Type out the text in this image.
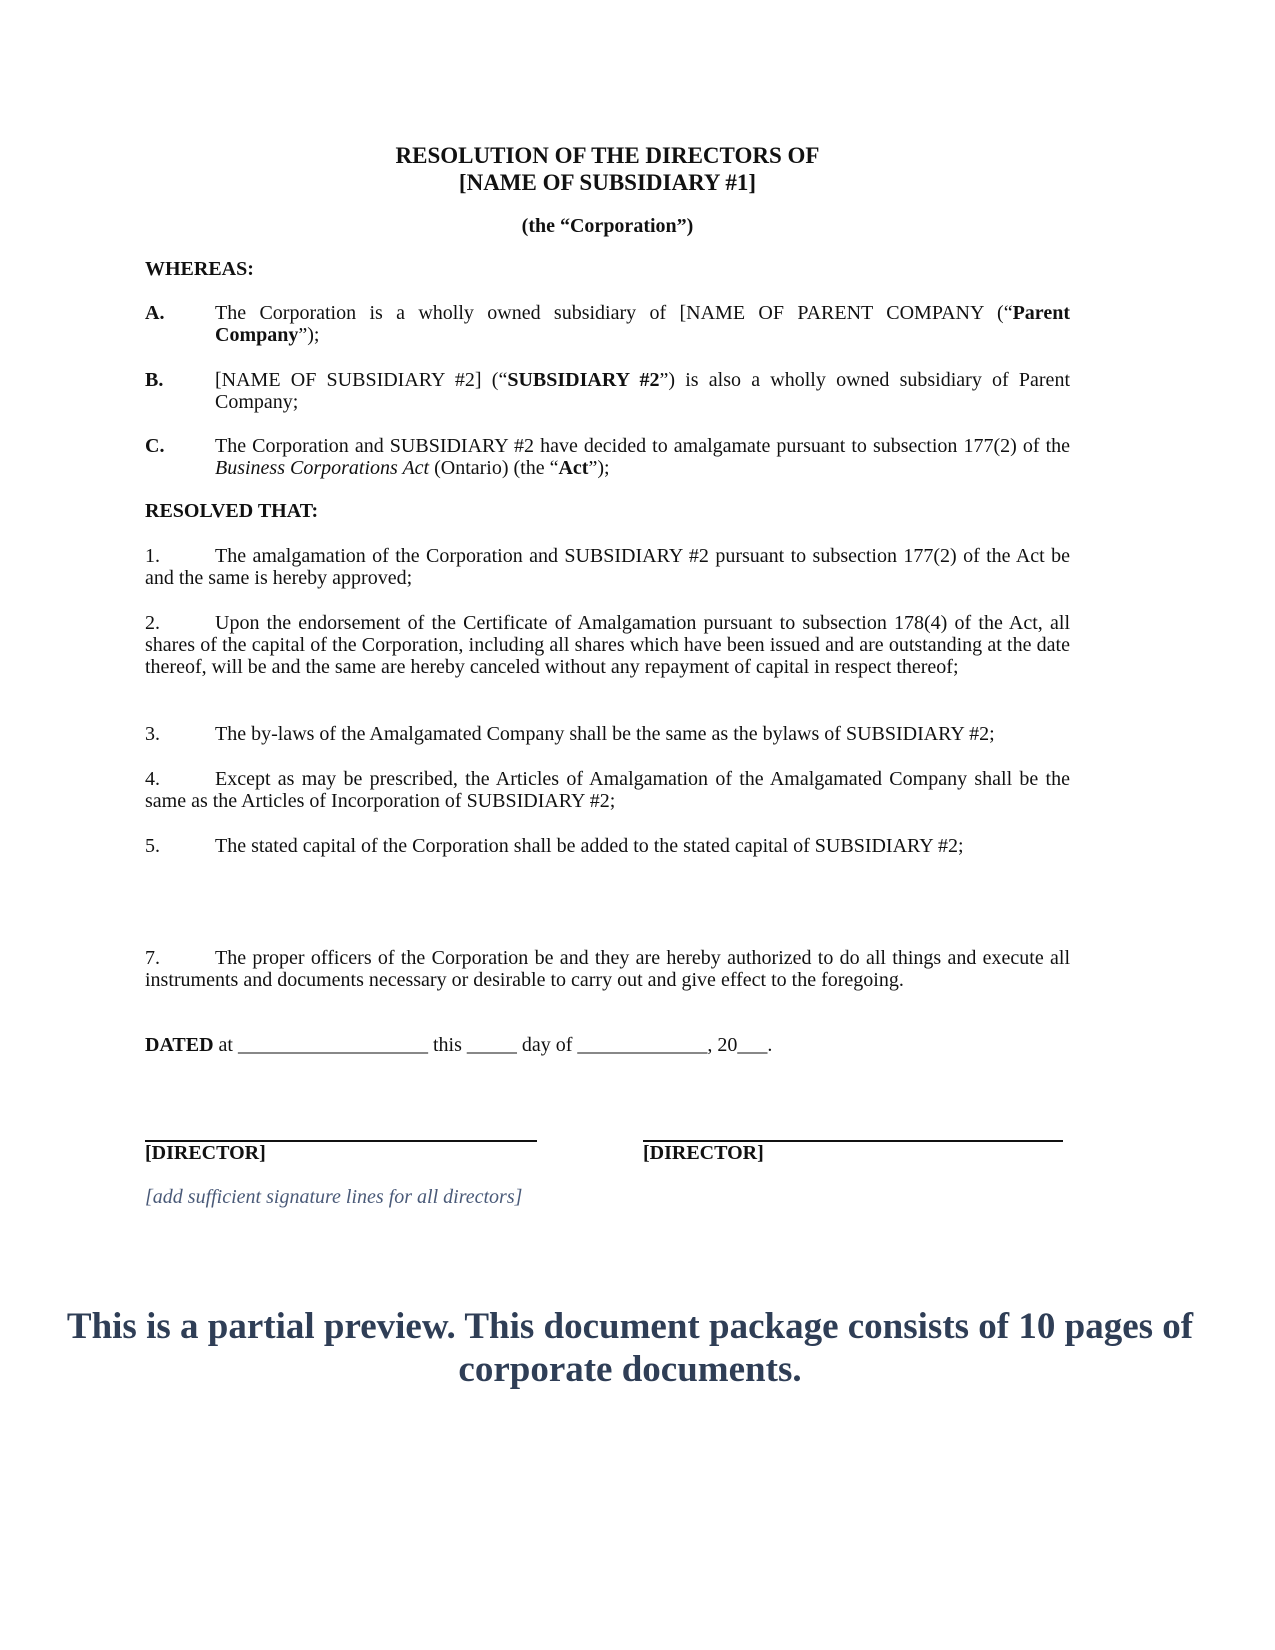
RESOLUTION OF THE DIRECTORS OF
[NAME OF SUBSIDIARY #1]
(the “Corporation”)
WHEREAS:
A.	The Corporation is a wholly owned subsidiary of [NAME OF PARENT COMPANY (“Parent Company”);
B.	[NAME OF SUBSIDIARY #2] (“SUBSIDIARY #2”) is also a wholly owned subsidiary of Parent Company;
C.	The Corporation and SUBSIDIARY #2 have decided to amalgamate pursuant to subsection 177(2) of the Business Corporations Act (Ontario) (the “Act”);
RESOLVED THAT:
1.	The amalgamation of the Corporation and SUBSIDIARY #2 pursuant to subsection 177(2) of the Act be and the same is hereby approved;
2.	Upon the endorsement of the Certificate of Amalgamation pursuant to subsection 178(4) of the Act, all shares of the capital of the Corporation, including all shares which have been issued and are outstanding at the date thereof, will be and the same are hereby canceled without any repayment of capital in respect thereof;
3.	The by-laws of the Amalgamated Company shall be the same as the bylaws of SUBSIDIARY #2;
4.	Except as may be prescribed, the Articles of Amalgamation of the Amalgamated Company shall be the same as the Articles of Incorporation of SUBSIDIARY #2;
5.	The stated capital of the Corporation shall be added to the stated capital of SUBSIDIARY #2;
7.	The proper officers of the Corporation be and they are hereby authorized to do all things and execute all instruments and documents necessary or desirable to carry out and give effect to the foregoing.
DATED at ___________________ this _____ day of _____________, 20___.
[DIRECTOR]	[DIRECTOR]
[add sufficient signature lines for all directors]
This is a partial preview. This document package consists of 10 pages of corporate documents.
